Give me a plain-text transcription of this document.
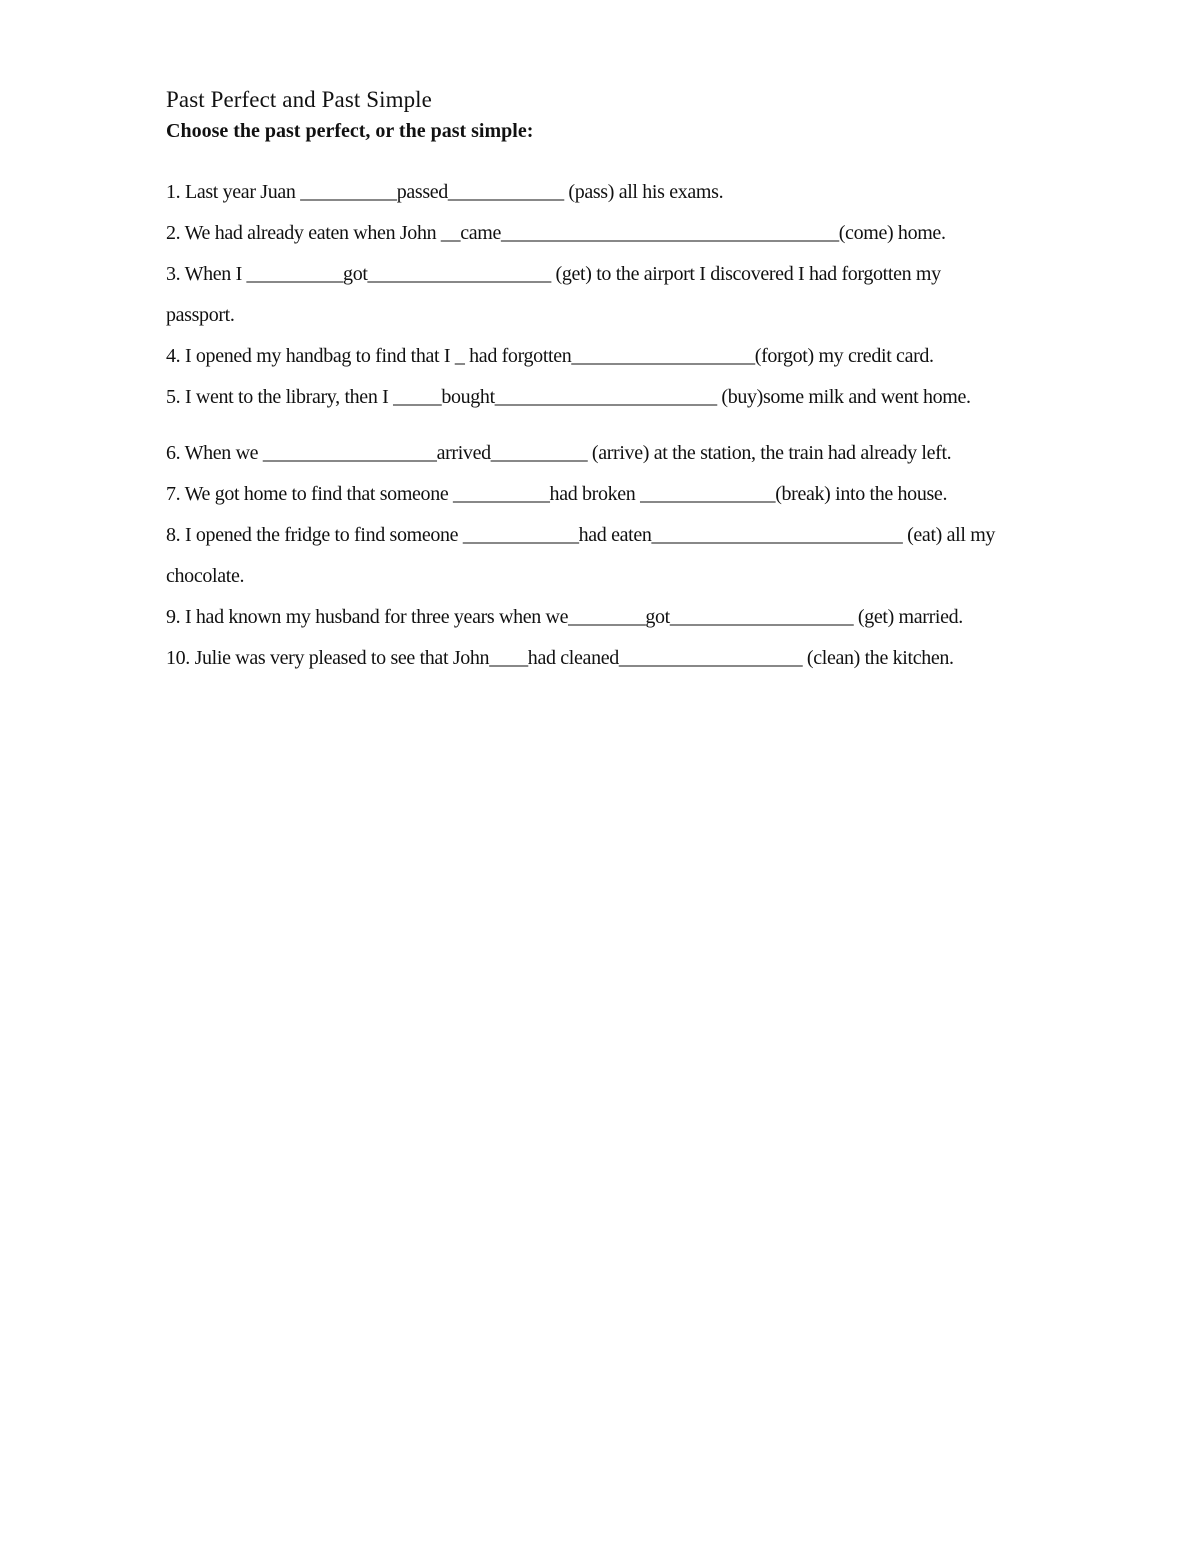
Past Perfect and Past Simple
Choose the past perfect, or the past simple:
1. Last year Juan __________passed____________ (pass) all his exams.
2. We had already eaten when John __came___________________________________(come) home.
3. When I __________got___________________ (get) to the airport I discovered I had forgotten my
passport.
4. I opened my handbag to find that I _ had forgotten___________________(forgot) my credit card.
5. I went to the library, then I _____bought_______________________ (buy)some milk and went home.
6. When we __________________arrived__________ (arrive) at the station, the train had already left.
7. We got home to find that someone __________had broken ______________(break) into the house.
8. I opened the fridge to find someone ____________had eaten__________________________ (eat) all my
chocolate.
9. I had known my husband for three years when we________got___________________ (get) married.
10. Julie was very pleased to see that John____had cleaned___________________ (clean) the kitchen.
